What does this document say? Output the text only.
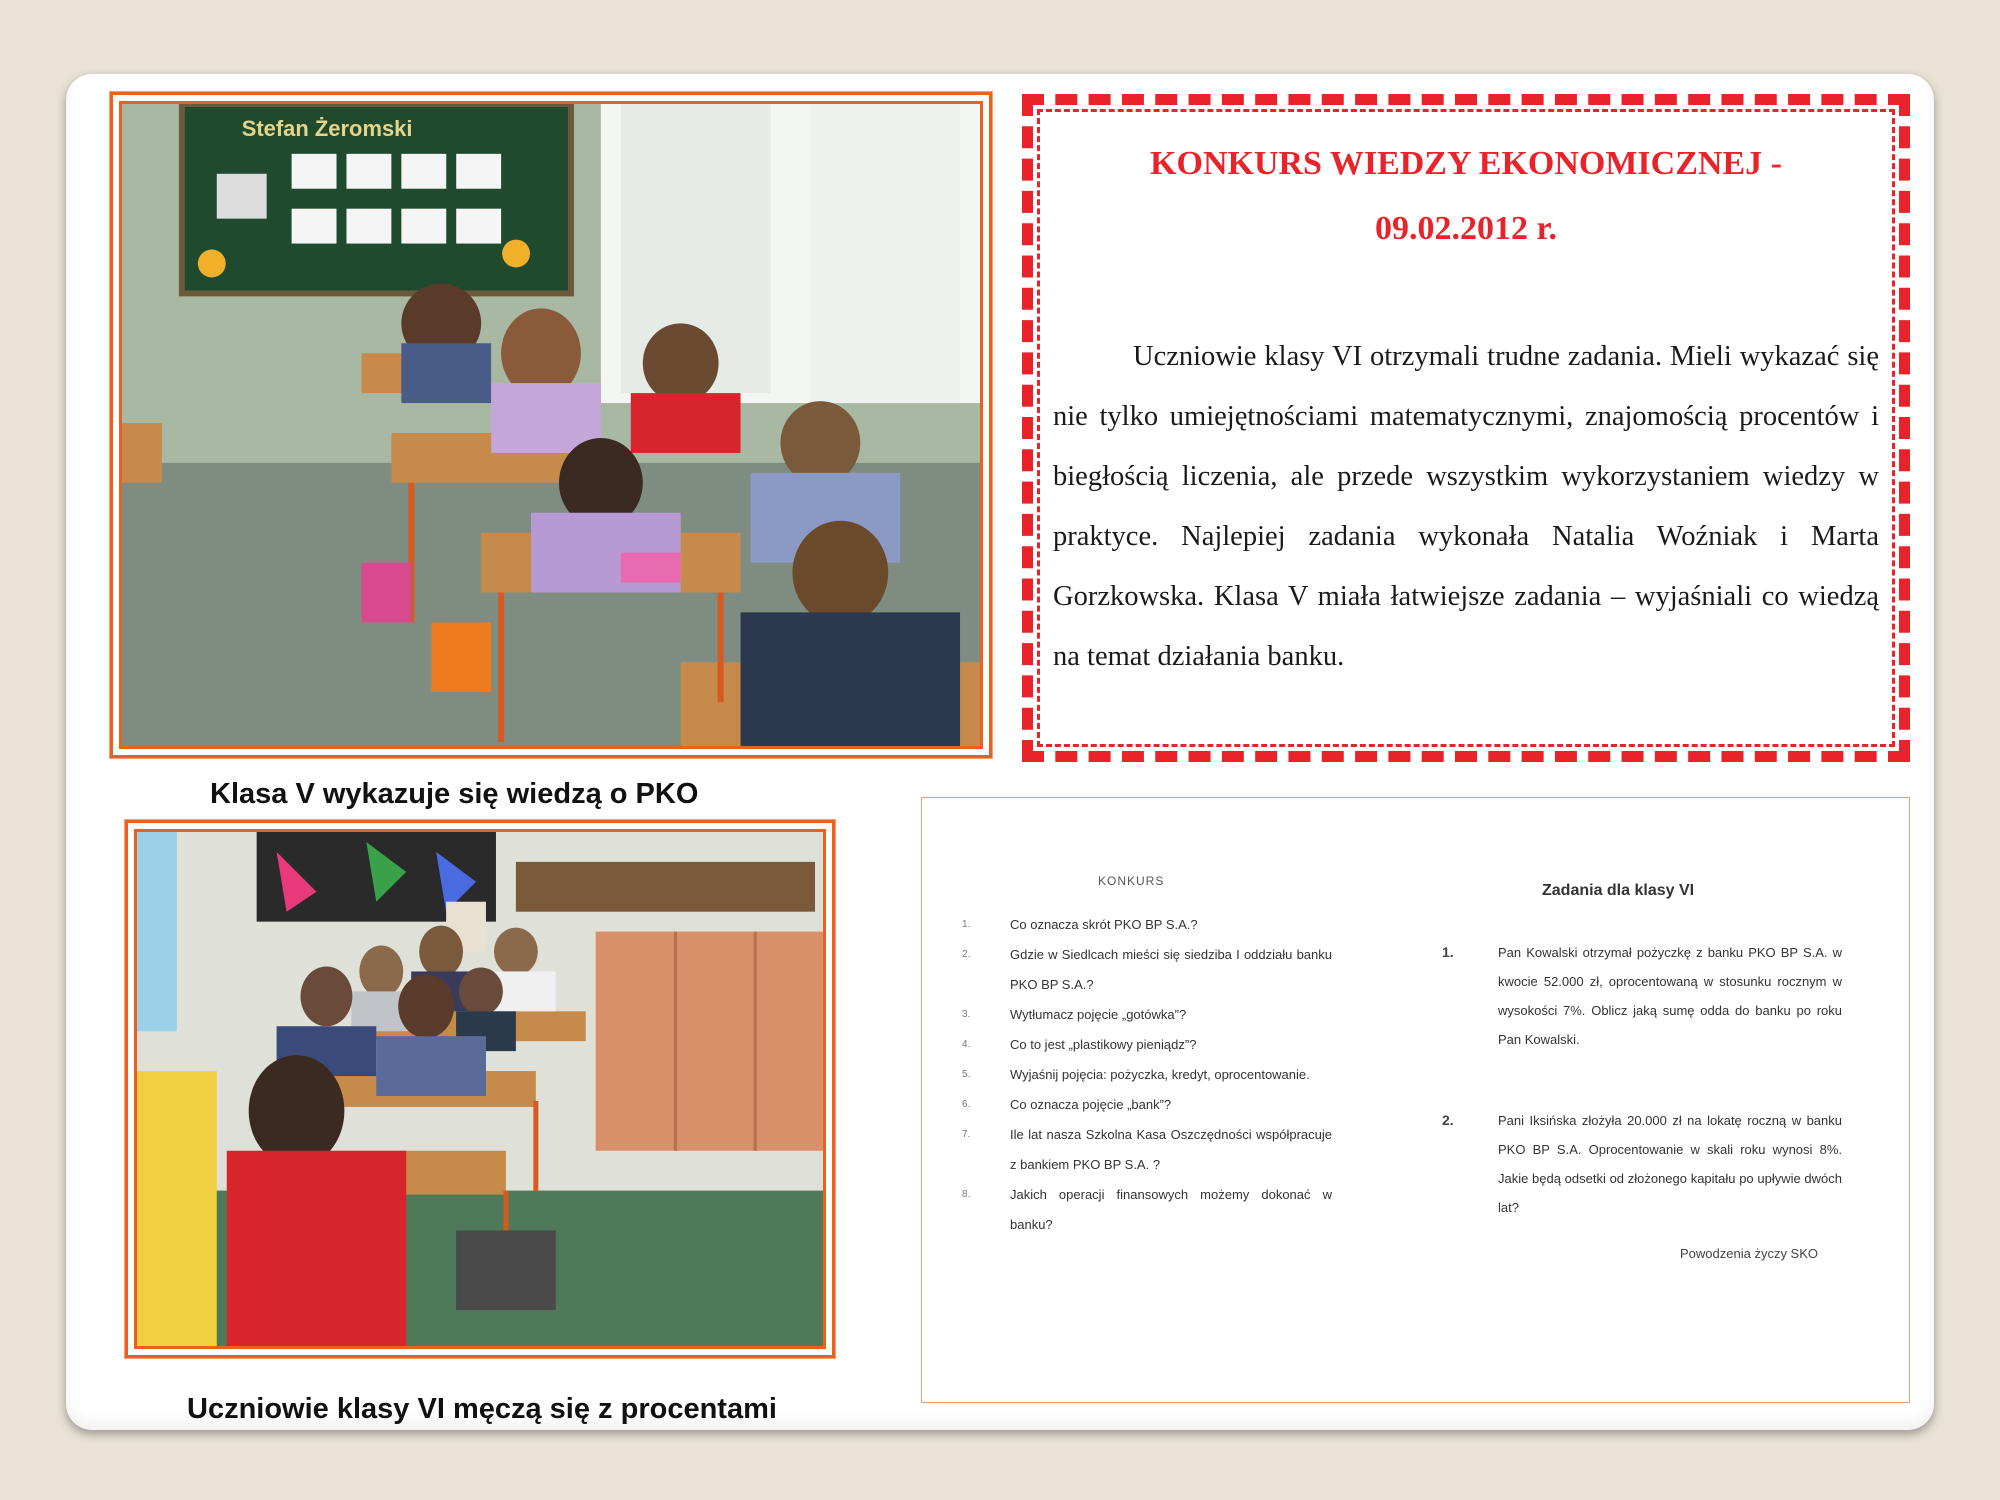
Stefan Żeromski
Klasa V wykazuje się wiedzą o PKO
Uczniowie klasy VI męczą się z procentami
KONKURS WIEDZY EKONOMICZNEJ -
09.02.2012 r.

Uczniowie klasy VI otrzymali trudne zadania. Mieli wykazać się nie tylko umiejętnościami matematycznymi, znajomością procentów i biegłością liczenia, ale przede wszystkim wykorzystaniem wiedzy w praktyce. Najlepiej zadania wykonała Natalia Woźniak i Marta Gorzkowska. Klasa V miała łatwiejsze zadania – wyjaśniali co wiedzą na temat działania banku.

KONKURS
1.	Co oznacza skrót PKO BP S.A.?
2.	Gdzie w Siedlcach mieści się siedziba I oddziału banku PKO BP S.A.?
3.	Wytłumacz pojęcie „gotówka”?
4.	Co to jest „plastikowy pieniądz”?
5.	Wyjaśnij pojęcia: pożyczka, kredyt, oprocentowanie.
6.	Co oznacza pojęcie „bank”?
7.	Ile lat nasza Szkolna Kasa Oszczędności współpracuje z bankiem PKO BP S.A. ?
8.	Jakich operacji finansowych możemy dokonać w banku?
Zadania dla klasy VI
1.	Pan Kowalski otrzymał pożyczkę z banku PKO BP S.A. w kwocie 52.000 zł, oprocentowaną w stosunku rocznym w wysokości 7%. Oblicz jaką sumę odda do banku po roku Pan Kowalski.
2.	Pani Iksińska złożyła 20.000 zł na lokatę roczną w banku PKO BP S.A. Oprocentowanie w skali roku wynosi 8%. Jakie będą odsetki od złożonego kapitału po upływie dwóch lat?
Powodzenia życzy SKO
